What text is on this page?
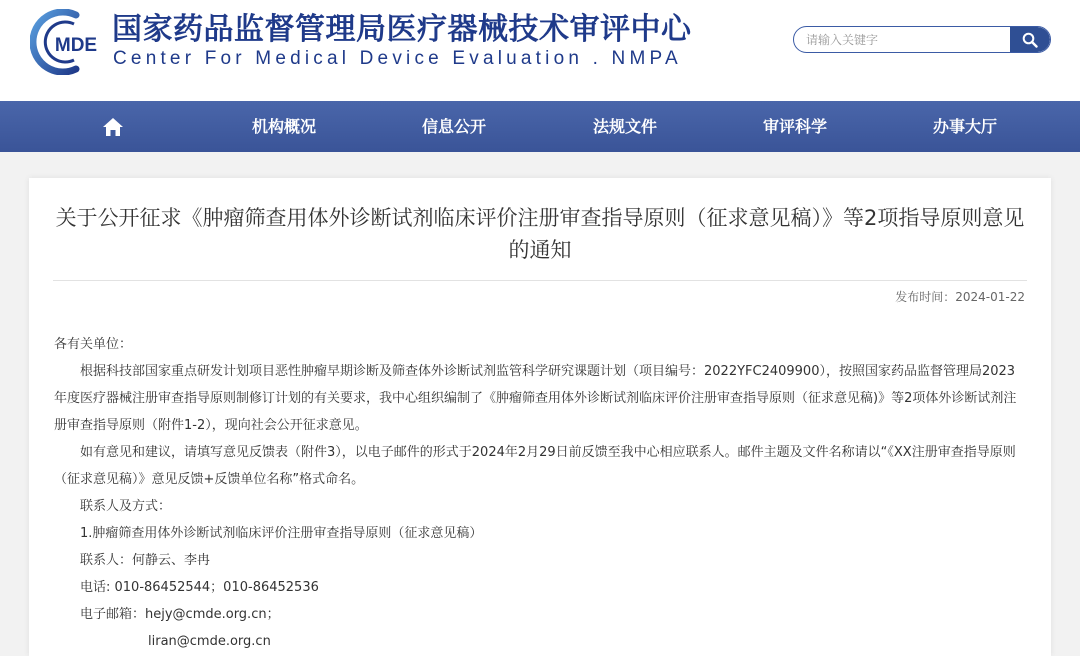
MDE 国家药品监督管理局医疗器械技术审评中心
Center For Medical Device Evaluation . NMPA
请输入关键字
机构概况	信息公开	法规文件	审评科学	办事大厅
关于公开征求《肿瘤筛查用体外诊断试剂临床评价注册审查指导原则（征求意见稿）》等2项指导原则意见的通知
发布时间：2024-01-22
各有关单位：
根据科技部国家重点研发计划项目恶性肿瘤早期诊断及筛查体外诊断试剂监管科学研究课题计划（项目编号：2022YFC2409900），按照国家药品监督管理局2023年度医疗器械注册审查指导原则制修订计划的有关要求，我中心组织编制了《肿瘤筛查用体外诊断试剂临床评价注册审查指导原则（征求意见稿)》等2项体外诊断试剂注册审查指导原则（附件1-2），现向社会公开征求意见。
如有意见和建议，请填写意见反馈表（附件3），以电子邮件的形式于2024年2月29日前反馈至我中心相应联系人。邮件主题及文件名称请以“《XX注册审查指导原则（征求意见稿）》意见反馈+反馈单位名称”格式命名。
联系人及方式：
1.肿瘤筛查用体外诊断试剂临床评价注册审查指导原则（征求意见稿）
联系人：何静云、李冉
电话: 010-86452544；010-86452536
电子邮箱：hejy@cmde.org.cn；
liran@cmde.org.cn
